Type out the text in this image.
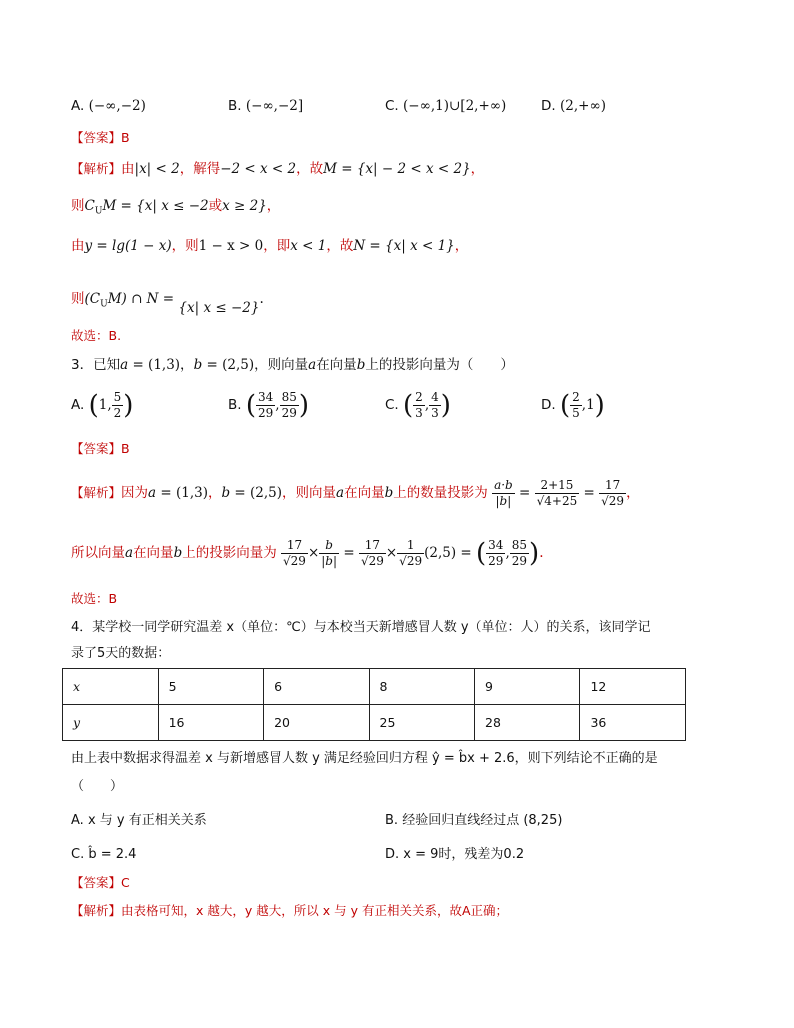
A. (−∞,−2)	B. (−∞,−2]	C. (−∞,1)∪[2,+∞)	D. (2,+∞)
【答案】B
【解析】由|x| < 2，解得−2 < x < 2，故M = {x| − 2 < x < 2}，
则$C_UM = \{x|$ x ≤ −2或x ≥ 2}，
由y = lg(1 − x)，则1 − x > 0，即x < 1，故N = {x| x < 1}，
则$(C_UM)$ ∩ N = {x| x ≤ −2}.
故选：B.
3．已知a = (1,3)，b = (2,5)，则向量a在向量b上的投影向量为（　　）
A. (1, $\frac{5}{2}$ )	B. ( $\frac{34}{29}$ , $\frac{85}{29}$ )	C. ( $\frac{2}{3}$ , $\frac{4}{3}$ )	D. ( $\frac{2}{5} ,1$)
【答案】B
【解析】因为a = (1,3)，b = (2,5)，则向量a在向量b上的数量投影为 $\frac{a\cdot b}{|b|} = \frac{2+15}{√4+25} = \frac{17}{√29}$ ，
所以向量a在向量b上的投影向量为 $\frac{17}{√29} \times \frac{b}{|b|} = \frac{17}{√29} \times \frac{1}{√29} (2,5)$ = ( $\frac{34}{29}$ , $\frac{85}{29}$ ).
故选：B
4．某学校一同学研究温差 x（单位：℃）与本校当天新增感冒人数 y（单位：人）的关系，该同学记
录了5天的数据：
x	5	6	8	9	12
y	16	20	25	28	36
由上表中数据求得温差 x 与新增感冒人数 y 满足经验回归方程 ŷ = b̂x + 2.6，则下列结论不正确的是
（　　）
A. x 与 y 有正相关关系	B. 经验回归直线经过点 (8,25)
C. b̂ = 2.4	D. x = 9时，残差为0.2
【答案】C
【解析】由表格可知，x 越大，y 越大，所以 x 与 y 有正相关关系，故A正确；
